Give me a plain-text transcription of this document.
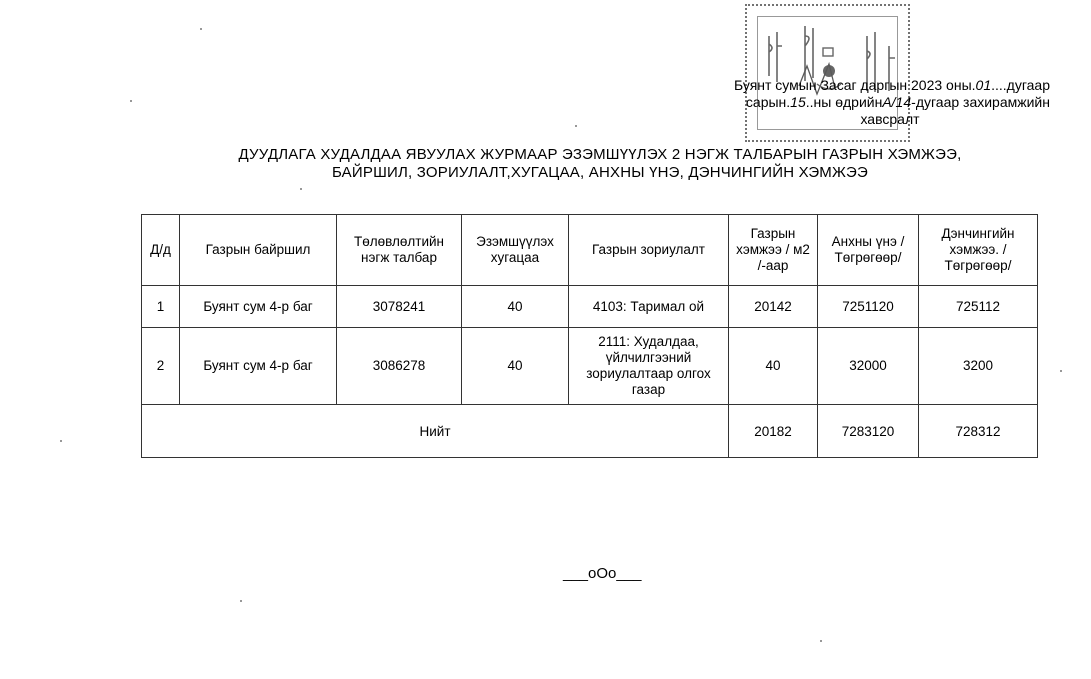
Буянт сумын Засаг даргын 2023 оны.01....дугаар
сарын.15..ны өдрийнА/14-дугаар захирамжийн
хавсралт
ДУУДЛАГА ХУДАЛДАА ЯВУУЛАХ ЖУРМААР ЭЗЭМШҮҮЛЭХ 2 НЭГЖ ТАЛБАРЫН ГАЗРЫН ХЭМЖЭЭ,
БАЙРШИЛ, ЗОРИУЛАЛТ,ХУГАЦАА, АНХНЫ ҮНЭ, ДЭНЧИНГИЙН ХЭМЖЭЭ
Д/д	Газрын байршил	Төлөвлөлтийн нэгж талбар	Эзэмшүүлэх хугацаа	Газрын зориулалт	Газрын хэмжээ / м2 /-аар	Анхны үнэ /Төгрөгөөр/	Дэнчингийн хэмжээ. /Төгрөгөөр/
1	Буянт сум 4-р баг	3078241	40	4103: Таримал ой	20142	7251120	725112
2	Буянт сум 4-р баг	3086278	40	2111: Худалдаа, үйлчилгээний зориулалтаар олгох газар	40	32000	3200
Нийт					20182	7283120	728312
___oOo___
